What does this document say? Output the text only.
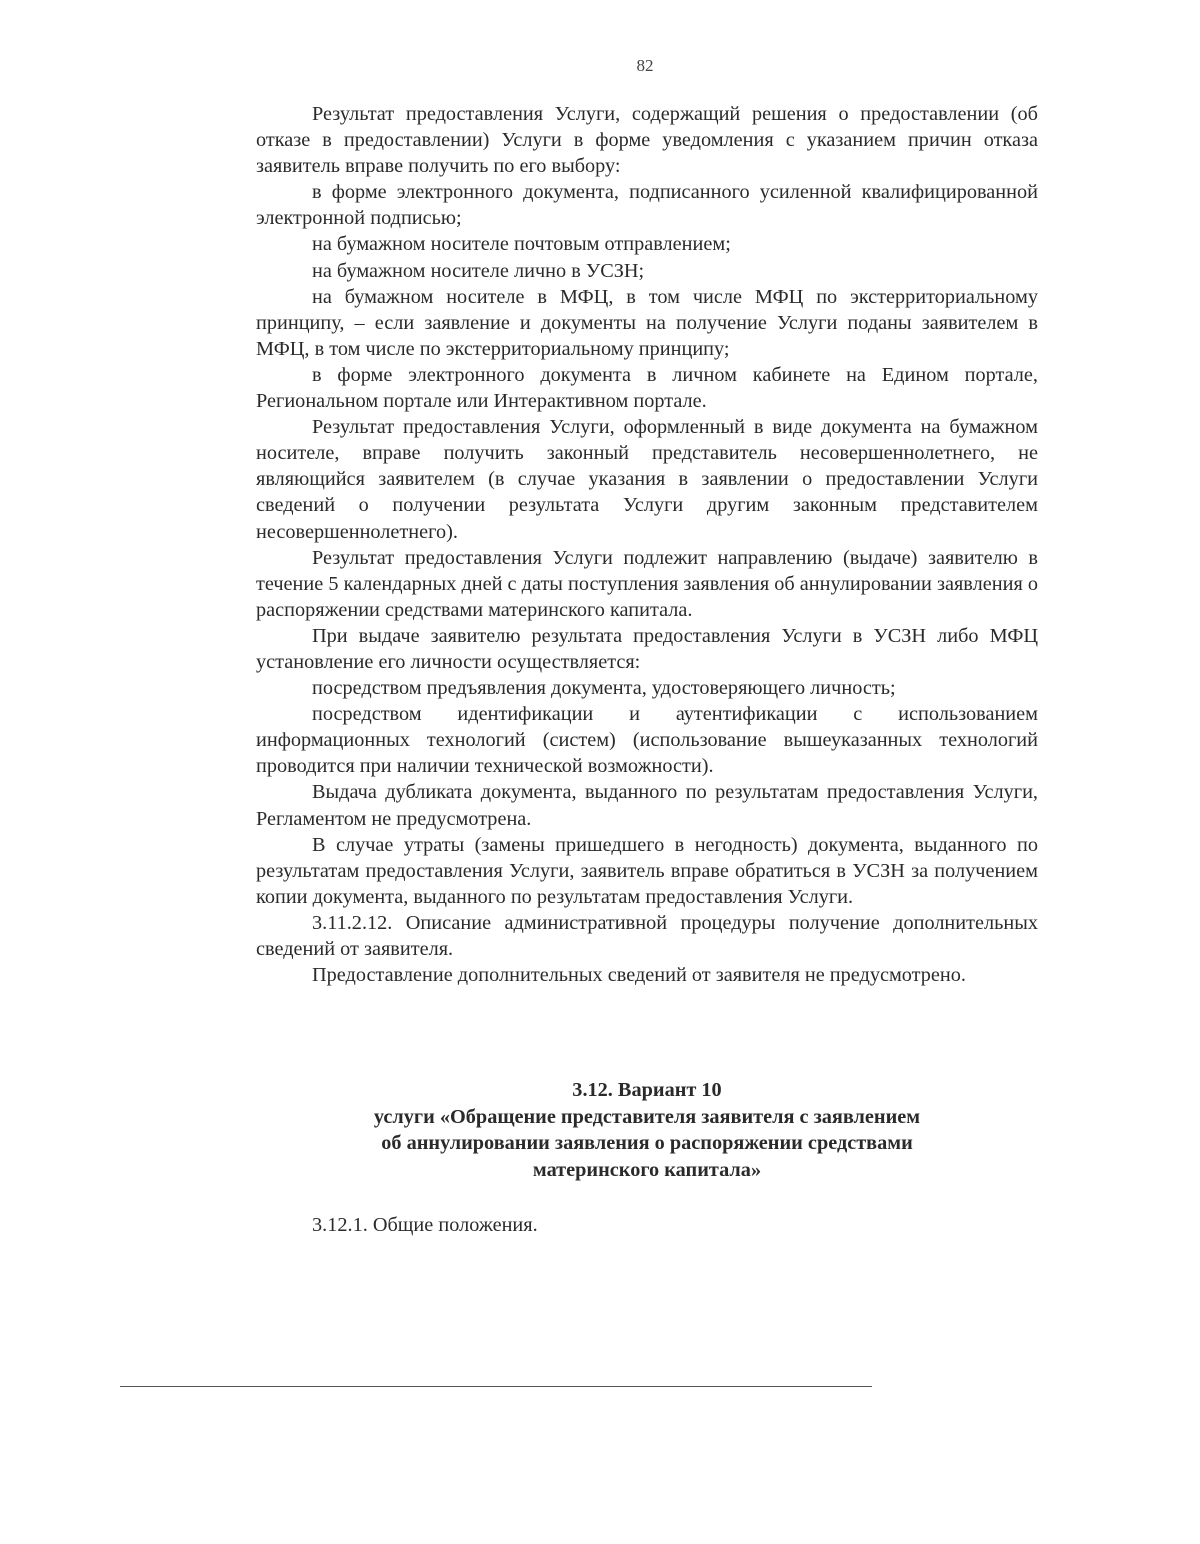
82

Результат предоставления Услуги, содержащий решения о предоставлении (об отказе в предоставлении) Услуги в форме уведомления с указанием причин отказа заявитель вправе получить по его выбору:

в форме электронного документа, подписанного усиленной квалифицированной электронной подписью;

на бумажном носителе почтовым отправлением;

на бумажном носителе лично в УСЗН;

на бумажном носителе в МФЦ, в том числе МФЦ по экстерриториальному принципу, – если заявление и документы на получение Услуги поданы заявителем в МФЦ, в том числе по экстерриториальному принципу;

в форме электронного документа в личном кабинете на Едином портале, Региональном портале или Интерактивном портале.

Результат предоставления Услуги, оформленный в виде документа на бумажном носителе, вправе получить законный представитель несовершеннолетнего, не являющийся заявителем (в случае указания в заявлении о предоставлении Услуги сведений о получении результата Услуги другим законным представителем несовершеннолетнего).

Результат предоставления Услуги подлежит направлению (выдаче) заявителю в течение 5 календарных дней с даты поступления заявления об аннулировании заявления о распоряжении средствами материнского капитала.

При выдаче заявителю результата предоставления Услуги в УСЗН либо МФЦ установление его личности осуществляется:

посредством предъявления документа, удостоверяющего личность;

посредством идентификации и аутентификации с использованием информационных технологий (систем) (использование вышеуказанных технологий проводится при наличии технической возможности).

Выдача дубликата документа, выданного по результатам предоставления Услуги, Регламентом не предусмотрена.

В случае утраты (замены пришедшего в негодность) документа, выданного по результатам предоставления Услуги, заявитель вправе обратиться в УСЗН за получением копии документа, выданного по результатам предоставления Услуги.

3.11.2.12. Описание административной процедуры получение дополнительных сведений от заявителя.

Предоставление дополнительных сведений от заявителя не предусмотрено.

3.12. Вариант 10
услуги «Обращение представителя заявителя с заявлением
об аннулировании заявления о распоряжении средствами
материнского капитала»
3.12.1. Общие положения.
